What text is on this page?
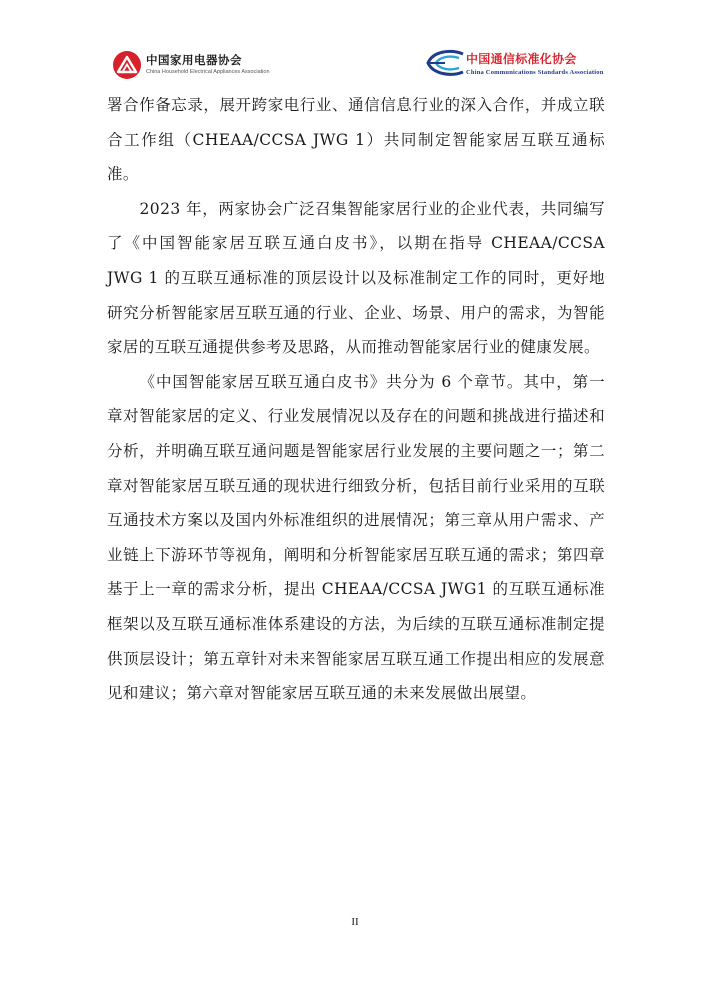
中国家用电器协会
China Household Electrical Appliances Association
中国通信标准化协会
China Communications Standards Association

署合作备忘录，展开跨家电行业、通信信息行业的深入合作，并成立联合工作组（CHEAA/CCSA JWG 1）共同制定智能家居互联互通标准。

2023 年，两家协会广泛召集智能家居行业的企业代表，共同编写了《中国智能家居互联互通白皮书》，以期在指导 CHEAA/CCSA JWG 1 的互联互通标准的顶层设计以及标准制定工作的同时，更好地研究分析智能家居互联互通的行业、企业、场景、用户的需求，为智能家居的互联互通提供参考及思路，从而推动智能家居行业的健康发展。

《中国智能家居互联互通白皮书》共分为 6 个章节。其中，第一章对智能家居的定义、行业发展情况以及存在的问题和挑战进行描述和分析，并明确互联互通问题是智能家居行业发展的主要问题之一；第二章对智能家居互联互通的现状进行细致分析，包括目前行业采用的互联互通技术方案以及国内外标准组织的进展情况；第三章从用户需求、产业链上下游环节等视角，阐明和分析智能家居互联互通的需求；第四章基于上一章的需求分析，提出 CHEAA/CCSA JWG1 的互联互通标准框架以及互联互通标准体系建设的方法，为后续的互联互通标准制定提供顶层设计；第五章针对未来智能家居互联互通工作提出相应的发展意见和建议；第六章对智能家居互联互通的未来发展做出展望。

II
